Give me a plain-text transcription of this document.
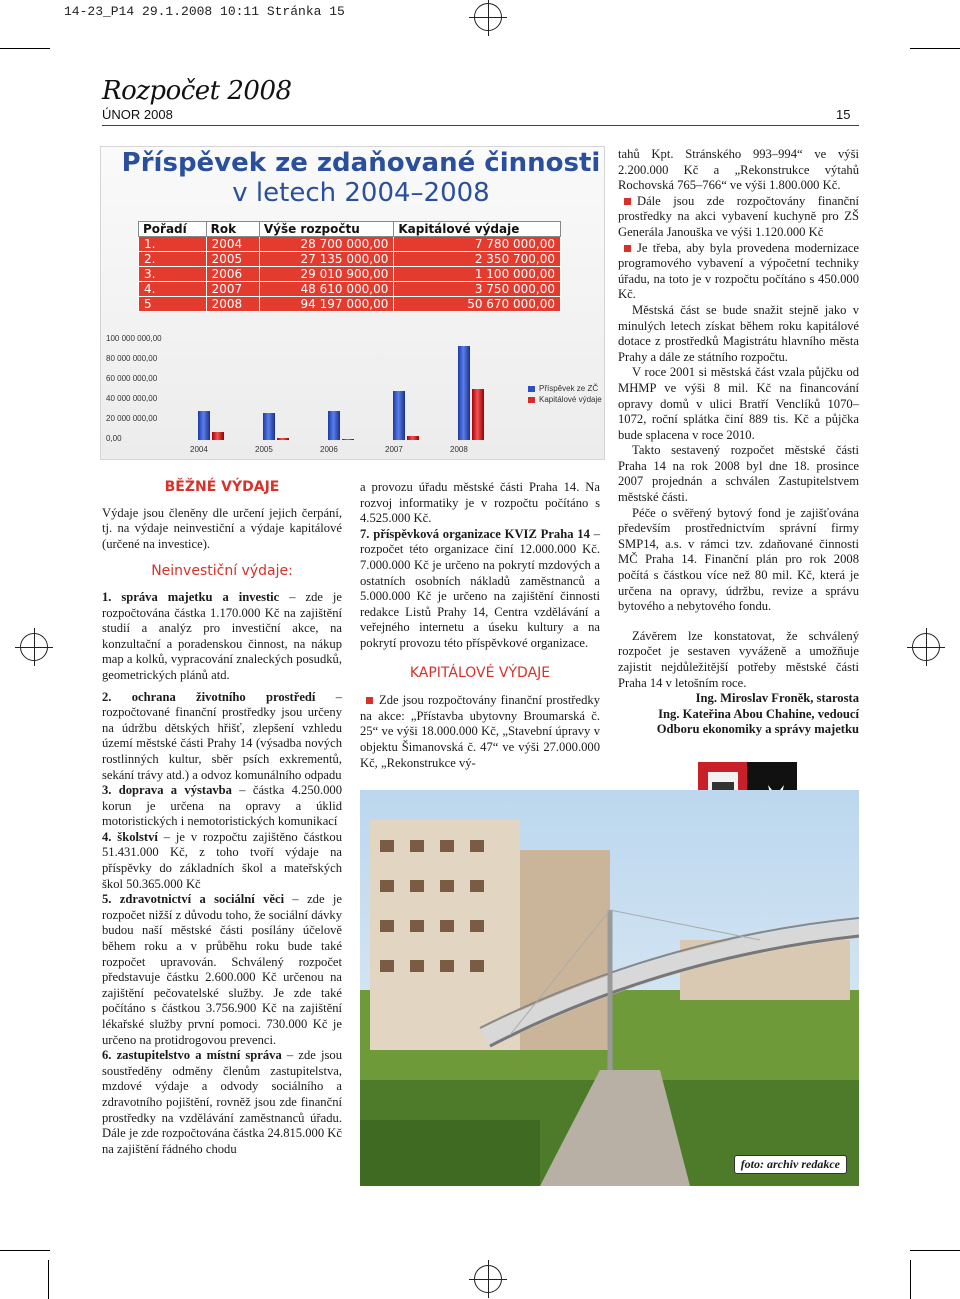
14-23_P14 29.1.2008 10:11 Stránka 15
Rozpočet 2008
ÚNOR 2008	15
Příspěvek ze zdaňované činnosti
v letech 2004–2008
Pořadí	Rok	Výše rozpočtu	Kapitálové výdaje
1.	2004	28 700 000,00	7 780 000,00
2.	2005	27 135 000,00	2 350 700,00
3.	2006	29 010 900,00	1 100 000,00
4.	2007	48 610 000,00	3 750 000,00
5	2008	94 197 000,00	50 670 000,00
Příspěvek ze ZČ
Kapitálové výdaje

BĚŽNÉ VÝDAJE

Výdaje jsou členěny dle určení jejich čerpání, tj. na výdaje neinvestiční a výdaje kapitálové (určené na investice).

Neinvestiční výdaje:

1. správa majetku a investic – zde je rozpočtována částka 1.170.000 Kč na zajištění studií a analýz pro investiční akce, na konzultační a poradenskou činnost, na nákup map a kolků, vypracování znaleckých posudků, geometrických plánů atd.

2. ochrana životního prostředí – rozpočtované finanční prostředky jsou určeny na údržbu dětských hřišť, zlepšení vzhledu území městské části Prahy 14 (výsadba nových rostlinných kultur, sběr psích exkrementů, sekání trávy atd.) a odvoz komunálního odpadu

3. doprava a výstavba – částka 4.250.000 korun je určena na opravy a úklid motoristických i nemotoristických komunikací

4. školství – je v rozpočtu zajištěno částkou 51.431.000 Kč, z toho tvoří výdaje na příspěvky do základních škol a mateřských škol 50.365.000 Kč

5. zdravotnictví a sociální věci – zde je rozpočet nižší z důvodu toho, že sociální dávky budou naší městské části posílány účelově během roku a v průběhu roku bude také rozpočet upravován. Schválený rozpočet představuje částku 2.600.000 Kč určenou na zajištění pečovatelské služby. Je zde také počítáno s částkou 3.756.900 Kč na zajištění lékařské služby první pomoci. 730.000 Kč je určeno na protidrogovou prevenci.

6. zastupitelstvo a místní správa – zde jsou soustředěny odměny členům zastupitelstva, mzdové výdaje a odvody sociálního a zdravotního pojištění, rovněž jsou zde finanční prostředky na vzdělávání zaměstnanců úřadu. Dále je zde rozpočtována částka 24.815.000 Kč na zajištění řádného chodu

a provozu úřadu městské části Praha 14. Na rozvoj informatiky je v rozpočtu počítáno s 4.525.000 Kč.

7. příspěvková organizace KVIZ Praha 14 – rozpočet této organizace činí 12.000.000 Kč. 7.000.000 Kč je určeno na pokrytí mzdových a ostatních osobních nákladů zaměstnanců a 5.000.000 Kč je určeno na zajištění činnosti redakce Listů Prahy 14, Centra vzdělávání a veřejného internetu a úseku kultury a na pokrytí provozu této příspěvkové organizace.

KAPITÁLOVÉ VÝDAJE

Zde jsou rozpočtovány finanční prostředky na akce: „Přístavba ubytovny Broumarská č. 25“ ve výši 18.000.000 Kč, „Stavební úpravy v objektu Šimanovská č. 47“ ve výši 27.000.000 Kč, „Rekonstrukce vý-

tahů Kpt. Stránského 993–994“ ve výši 2.200.000 Kč a „Rekonstrukce výtahů Rochovská 765–766“ ve výši 1.800.000 Kč.

Dále jsou zde rozpočtovány finanční prostředky na akci vybavení kuchyně pro ZŠ Generála Janouška ve výši 1.120.000 Kč

Je třeba, aby byla provedena modernizace programového vybavení a výpočetní techniky úřadu, na toto je v rozpočtu počítáno s 450.000 Kč.

Městská část se bude snažit stejně jako v minulých letech získat během roku kapitálové dotace z prostředků Magistrátu hlavního města Prahy a dále ze státního rozpočtu.

V roce 2001 si městská část vzala půjčku od MHMP ve výši 8 mil. Kč na financování opravy domů v ulici Bratří Venclíků 1070–1072, roční splátka činí 889 tis. Kč a půjčka bude splacena v roce 2010.

Takto sestavený rozpočet městské části Praha 14 na rok 2008 byl dne 18. prosince 2007 projednán a schválen Zastupitelstvem městské části.

Péče o svěřený bytový fond je zajišťována především prostřednictvím správní firmy SMP14, a.s. v rámci tzv. zdaňované činnosti MČ Praha 14. Finanční plán pro rok 2008 počítá s částkou více než 80 mil. Kč, která je určena na opravy, údržbu, revize a správu bytového a nebytového fondu.

Závěrem lze konstatovat, že schválený rozpočet je sestaven vyváženě a umožňuje zajistit nejdůležitější potřeby městské části Praha 14 v letošním roce.

Ing. Miroslav Froněk, starosta

Ing. Kateřina Abou Chahine, vedoucí

Odboru ekonomiky a správy majetku

foto: archiv redakce
100 000 000,00
80 000 000,00
60 000 000,00
40 000 000,00
20 000 000,00
0,00
2004	2005	2006	2007	2008
